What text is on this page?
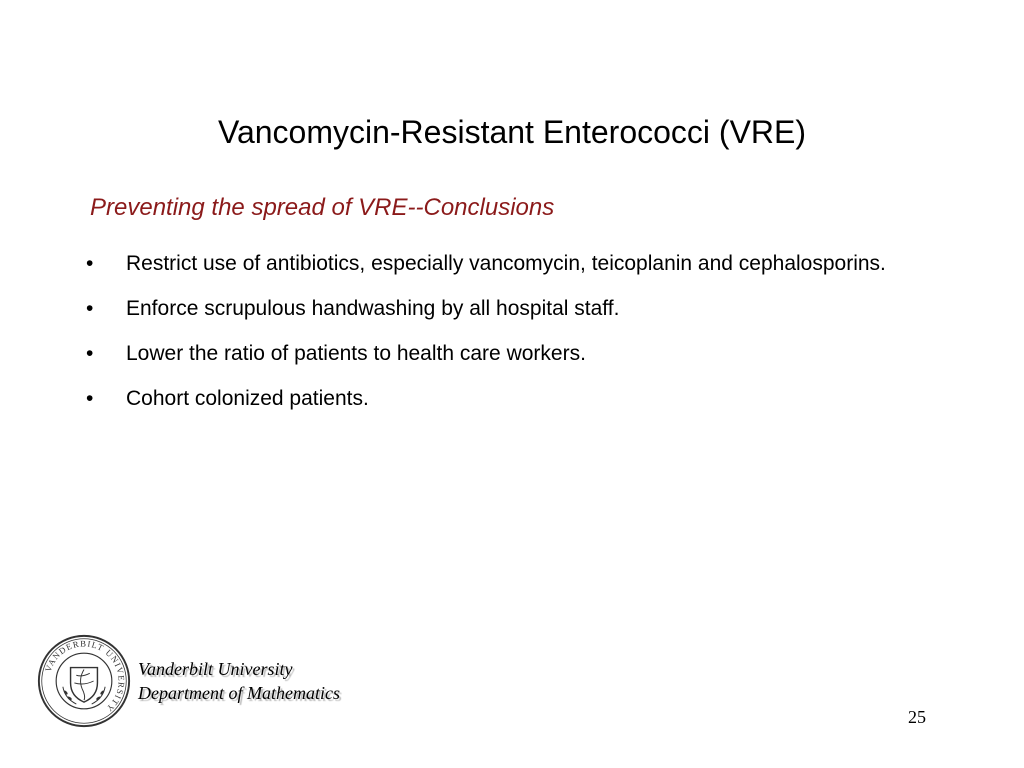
Vancomycin-Resistant Enterococci (VRE)
Preventing the spread of VRE--Conclusions
• Restrict use of antibiotics, especially vancomycin, teicoplanin and cephalosporins.
• Enforce scrupulous handwashing by all hospital staff.
• Lower the ratio of patients to health care workers.
• Cohort colonized patients.
VANDERBILT UNIVERSITY
Vanderbilt University
Department of Mathematics
25
